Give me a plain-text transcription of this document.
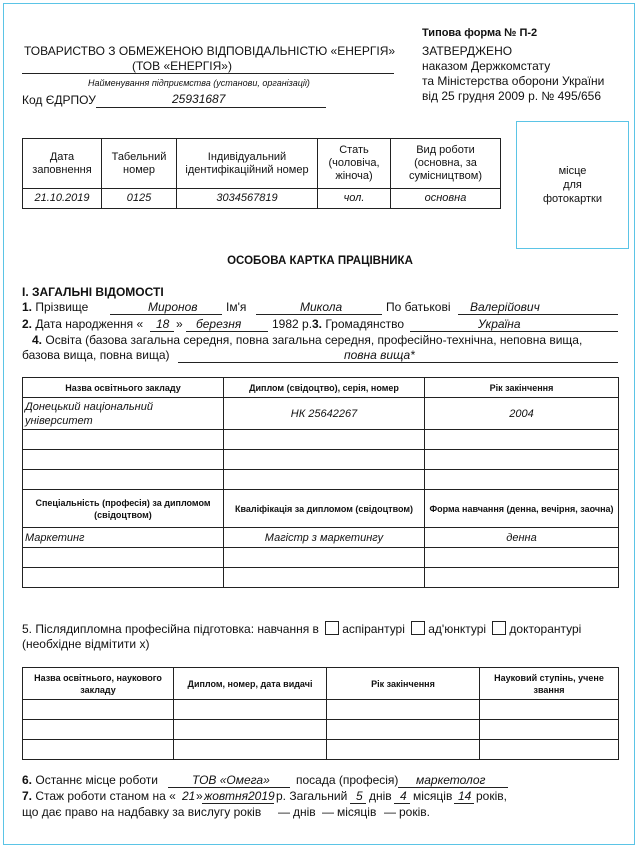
Типова форма № П-2
ТОВАРИСТВО З ОБМЕЖЕНОЮ ВІДПОВІДАЛЬНІСТЮ «ЕНЕРГІЯ»
(ТОВ «ЕНЕРГІЯ»)
Найменування підприємства (установи, організації)
Код ЄДРПОУ	25931687
ЗАТВЕРДЖЕНО
наказом Держкомстату
та Міністерства оборони України
від 25 грудня 2009 р. № 495/656
Дата заповнення	Табельний номер	Індивідуальний ідентифікаційний номер	Стать (чоловіча, жіноча)	Вид роботи (основна, за сумісництвом)
21.10.2019	0125	3034567819	чол.	основна
місце
для
фотокартки
ОСОБОВА КАРТКА ПРАЦІВНИКА
І. ЗАГАЛЬНІ ВІДОМОСТІ
1. Прізвище	Миронов Ім'я	Микола	По батькові Валерійович
2. Дата народження « 18 » березня	1982 р. 3. Громадянство	Україна
4. Освіта (базова загальна середня, повна загальна середня, професійно-технічна, неповна вища,
базова вища, повна вища)	повна вища*
Назва освітнього закладу	Диплом (свідоцтво), серія, номер	Рік закінчення
Донецький національний університет	НК 25642267	2004

Спеціальність (професія) за дипломом (свідоцтвом)	Кваліфікація за дипломом (свідоцтвом)	Форма навчання (денна, вечірня, заочна)
Маркетинг	Магістр з маркетингу	денна

5. Післядипломна професійна підготовка: навчання в аспірантурі ад'юнктурі докторантурі
(необхідне відмітити х)
Назва освітнього, наукового закладу	Диплом, номер, дата видачі	Рік закінчення	Науковий ступінь, учене звання

6. Останнє місце роботи	ТОВ «Омега» посада (професія) маркетолог
7. Стаж роботи станом на « 21 » жовтня 2019 р. Загальний 5 днів 4 місяців 14 років,
що дає право на надбавку за вислугу років — днів — місяців — років.
